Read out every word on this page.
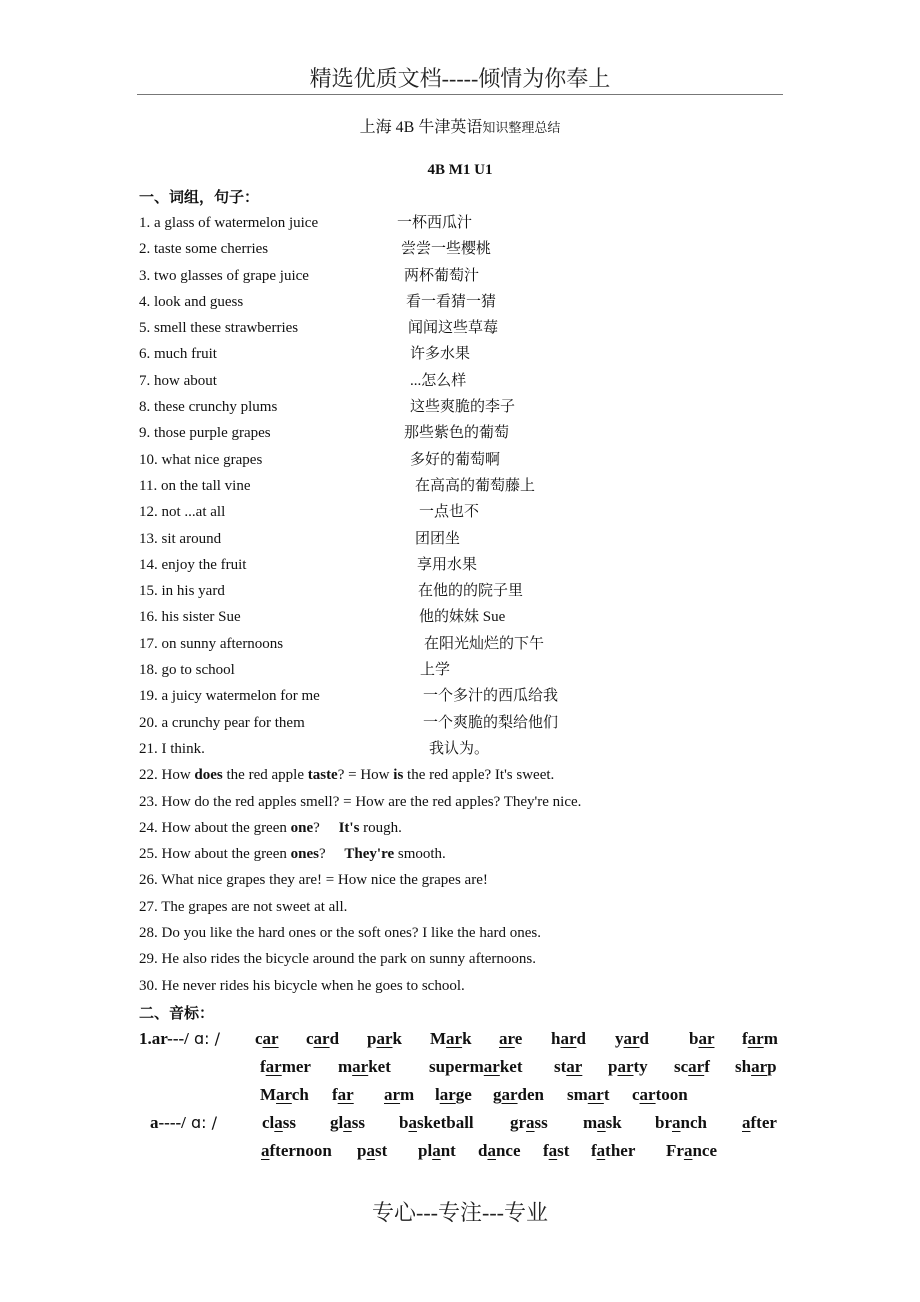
精选优质文档-----倾情为你奉上
上海 4B 牛津英语知识整理总结
4B M1 U1
一、词组，句子：
1. a glass of watermelon juice	一杯西瓜汁
2. taste some cherries	尝尝一些樱桃
3. two glasses of grape juice	两杯葡萄汁
4. look and guess	看一看猜一猜
5. smell these strawberries	闻闻这些草莓
6. much fruit	许多水果
7. how about	...怎么样
8. these crunchy plums	这些爽脆的李子
9. those purple grapes	那些紫色的葡萄
10. what nice grapes	多好的葡萄啊
11. on the tall vine	在高高的葡萄藤上
12. not ...at all	一点也不
13. sit around	团团坐
14. enjoy the fruit	享用水果
15. in his yard	在他的的院子里
16. his sister Sue	他的妹妹 Sue
17. on sunny afternoons	在阳光灿烂的下午
18. go to school	上学
19. a juicy watermelon for me	一个多汁的西瓜给我
20. a crunchy pear for them	一个爽脆的梨给他们
21. I think.	我认为。
22. How does the red apple taste? = How is the red apple? It's sweet.
23. How do the red apples smell? = How are the red apples? They're nice.
24. How about the green one?     It's rough.
25. How about the green ones?     They're smooth.
26. What nice grapes they are! = How nice the grapes are!
27. The grapes are not sweet at all.
28. Do you like the hard ones or the soft ones? I like the hard ones.
29. He also rides the bicycle around the park on sunny afternoons.
30. He never rides his bicycle when he goes to school.
二、音标：
1.ar---/ ɑ: / car card park Mark are hard yard bar farm
farmer market supermarket star party scarf sharp
March far arm large garden smart cartoon
a----/ ɑ: /	class glass basketball grass mask branch after
afternoon past plant dance fast father France
专心---专注---专业
